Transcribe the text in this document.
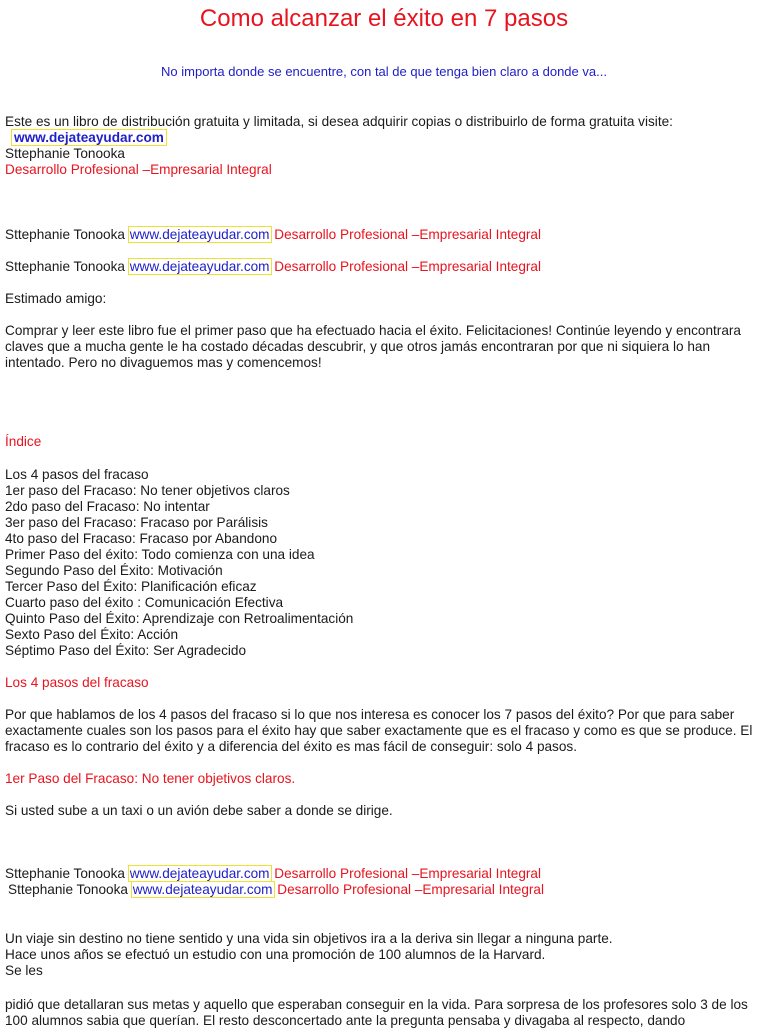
Como alcanzar el éxito en 7 pasos
No importa donde se encuentre, con tal de que tenga bien claro a donde va...
Este es un libro de distribución gratuita y limitada, si desea adquirir copias o distribuirlo de forma gratuita visite:
www.dejateayudar.com
Sttephanie Tonooka
Desarrollo Profesional –Empresarial Integral
Sttephanie Tonooka www.dejateayudar.com Desarrollo Profesional –Empresarial Integral
Sttephanie Tonooka www.dejateayudar.com Desarrollo Profesional –Empresarial Integral
Estimado amigo:
Comprar y leer este libro fue el primer paso que ha efectuado hacia el éxito. Felicitaciones! Continúe leyendo y encontrara claves que a mucha gente le ha costado décadas descubrir, y que otros jamás encontraran por que ni siquiera lo han intentado. Pero no divaguemos mas y comencemos!
Índice
Los 4 pasos del fracaso
1er paso del Fracaso: No tener objetivos claros
2do paso del Fracaso: No intentar
3er paso del Fracaso: Fracaso por Parálisis
4to paso del Fracaso: Fracaso por Abandono
Primer Paso del éxito: Todo comienza con una idea
Segundo Paso del Éxito: Motivación
Tercer Paso del Éxito: Planificación eficaz
Cuarto paso del éxito : Comunicación Efectiva
Quinto Paso del Éxito: Aprendizaje con Retroalimentación
Sexto Paso del Éxito: Acción
Séptimo Paso del Éxito: Ser Agradecido
Los 4 pasos del fracaso
Por que hablamos de los 4 pasos del fracaso si lo que nos interesa es conocer los 7 pasos del éxito? Por que para saber exactamente cuales son los pasos para el éxito hay que saber exactamente que es el fracaso y como es que se produce. El fracaso es lo contrario del éxito y a diferencia del éxito es mas fácil de conseguir: solo 4 pasos.
1er Paso del Fracaso: No tener objetivos claros.
Si usted sube a un taxi o un avión debe saber a donde se dirige.
Sttephanie Tonooka www.dejateayudar.com Desarrollo Profesional –Empresarial Integral
Sttephanie Tonooka www.dejateayudar.com Desarrollo Profesional –Empresarial Integral
Un viaje sin destino no tiene sentido y una vida sin objetivos ira a la deriva sin llegar a ninguna parte.
Hace unos años se efectuó un estudio con una promoción de 100 alumnos de la Harvard.
Se les
pidió que detallaran sus metas y aquello que esperaban conseguir en la vida. Para sorpresa de los profesores solo 3 de los 100 alumnos sabia que querían. El resto desconcertado ante la pregunta pensaba y divagaba al respecto, dando
